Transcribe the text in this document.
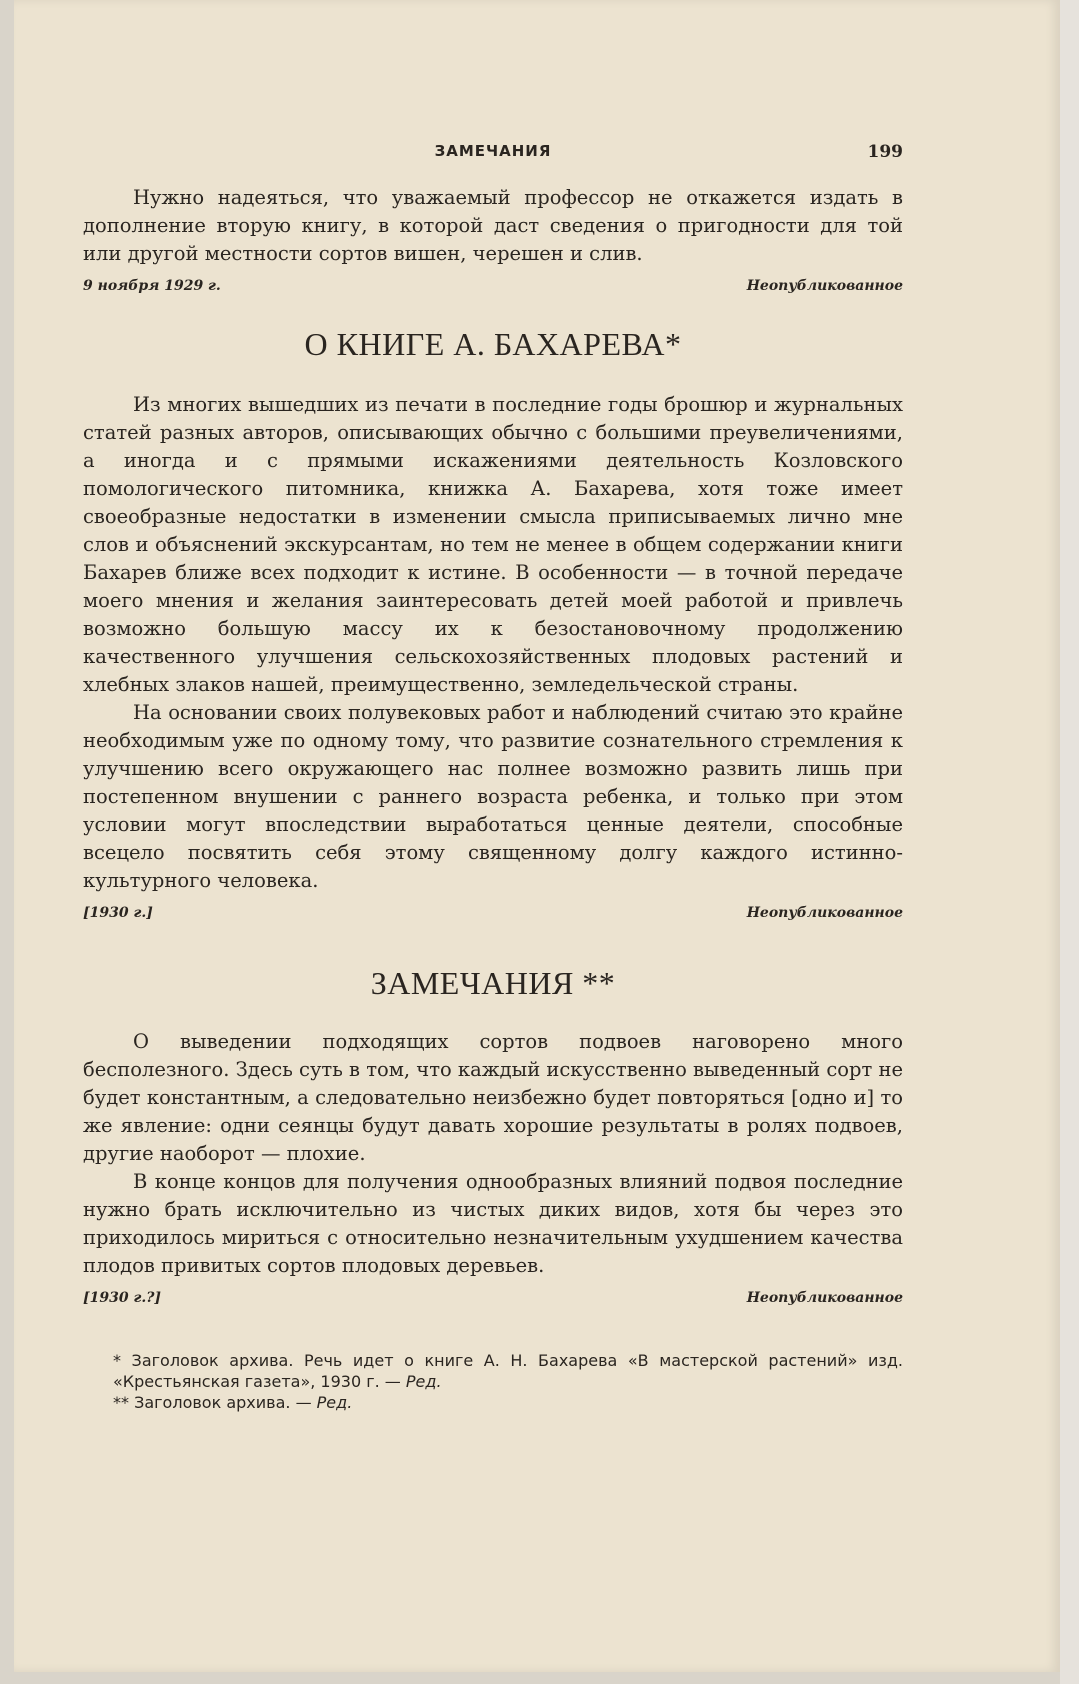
ЗАМЕЧАНИЯ	199

Нужно надеяться, что уважаемый профессор не откажется издать в дополнение вторую книгу, в которой даст сведения о пригодности для той или другой местности сортов вишен, черешен и слив.

9 ноября 1929 г.	Неопубликованное
О КНИГЕ А. БАХАРЕВА*

Из многих вышедших из печати в последние годы брошюр и журнальных статей разных авторов, описывающих обычно с большими преувеличениями, а иногда и с прямыми искажениями деятельность Козловского помологического питомника, книжка А. Бахарева, хотя тоже имеет своеобразные недостатки в изменении смысла приписываемых лично мне слов и объяснений экскурсантам, но тем не менее в общем содержании книги Бахарев ближе всех подходит к истине. В особенности — в точной передаче моего мнения и желания заинтересовать детей моей работой и привлечь возможно большую массу их к безостановочному продолжению качественного улучшения сельскохозяйственных плодовых растений и хлебных злаков нашей, преимущественно, земледельческой страны.

На основании своих полувековых работ и наблюдений считаю это крайне необходимым уже по одному тому, что развитие сознательного стремления к улучшению всего окружающего нас полнее возможно развить лишь при постепенном внушении с раннего возраста ребенка, и только при этом условии могут впоследствии выработаться ценные деятели, способные всецело посвятить себя этому священному долгу каждого истинно-культурного человека.

[1930 г.]	Неопубликованное
ЗАМЕЧАНИЯ **

О выведении подходящих сортов подвоев наговорено много бесполезного. Здесь суть в том, что каждый искусственно выведенный сорт не будет константным, а следовательно неизбежно будет повторяться [одно и] то же явление: одни сеянцы будут давать хорошие результаты в ролях подвоев, другие наоборот — плохие.

В конце концов для получения однообразных влияний подвоя последние нужно брать исключительно из чистых диких видов, хотя бы через это приходилось мириться с относительно незначительным ухудшением качества плодов привитых сортов плодовых деревьев.

[1930 г.?]	Неопубликованное
* Заголовок архива. Речь идет о книге А. Н. Бахарева «В мастерской растений» изд. «Крестьянская газета», 1930 г. — Ред.
** Заголовок архива. — Ред.
